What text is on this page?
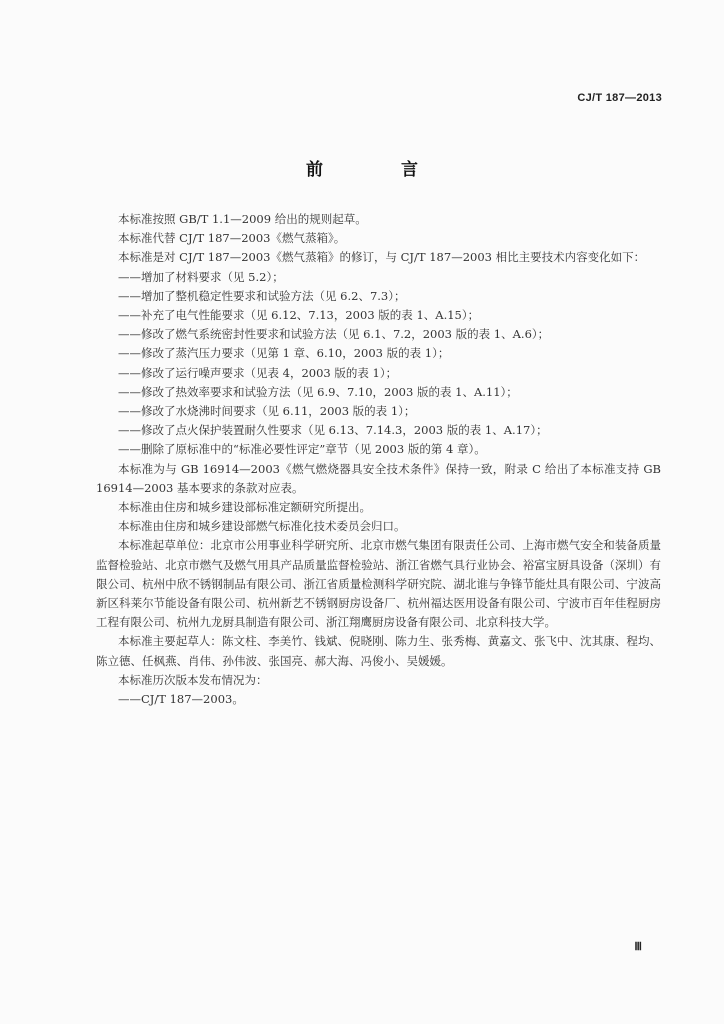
CJ/T 187—2013
前 言
本标准按照 GB/T 1.1—2009 给出的规则起草。
本标准代替 CJ/T 187—2003《燃气蒸箱》。
本标准是对 CJ/T 187—2003《燃气蒸箱》的修订，与 CJ/T 187—2003 相比主要技术内容变化如下：
——增加了材料要求（见 5.2）；
——增加了整机稳定性要求和试验方法（见 6.2、7.3）；
——补充了电气性能要求（见 6.12、7.13，2003 版的表 1、A.15）；
——修改了燃气系统密封性要求和试验方法（见 6.1、7.2，2003 版的表 1、A.6）；
——修改了蒸汽压力要求（见第 1 章、6.10，2003 版的表 1）；
——修改了运行噪声要求（见表 4，2003 版的表 1）；
——修改了热效率要求和试验方法（见 6.9、7.10，2003 版的表 1、A.11）；
——修改了水烧沸时间要求（见 6.11，2003 版的表 1）；
——修改了点火保护装置耐久性要求（见 6.13、7.14.3，2003 版的表 1、A.17）；
——删除了原标准中的“标准必要性评定”章节（见 2003 版的第 4 章）。
本标准为与 GB 16914—2003《燃气燃烧器具安全技术条件》保持一致，附录 C 给出了本标准支持 GB 16914—2003 基本要求的条款对应表。
本标准由住房和城乡建设部标准定额研究所提出。
本标准由住房和城乡建设部燃气标准化技术委员会归口。
本标准起草单位：北京市公用事业科学研究所、北京市燃气集团有限责任公司、上海市燃气安全和装备质量监督检验站、北京市燃气及燃气用具产品质量监督检验站、浙江省燃气具行业协会、裕富宝厨具设备（深圳）有限公司、杭州中欣不锈钢制品有限公司、浙江省质量检测科学研究院、湖北谁与争锋节能灶具有限公司、宁波高新区科莱尔节能设备有限公司、杭州新艺不锈钢厨房设备厂、杭州福达医用设备有限公司、宁波市百年佳程厨房工程有限公司、杭州九龙厨具制造有限公司、浙江翔鹰厨房设备有限公司、北京科技大学。
本标准主要起草人：陈文柱、李美竹、钱斌、倪晓刚、陈力生、张秀梅、黄嘉文、张飞中、沈其康、程均、陈立德、任枫燕、肖伟、孙伟波、张国亮、郝大海、冯俊小、吴媛媛。
本标准历次版本发布情况为：
——CJ/T 187—2003。
Ⅲ
